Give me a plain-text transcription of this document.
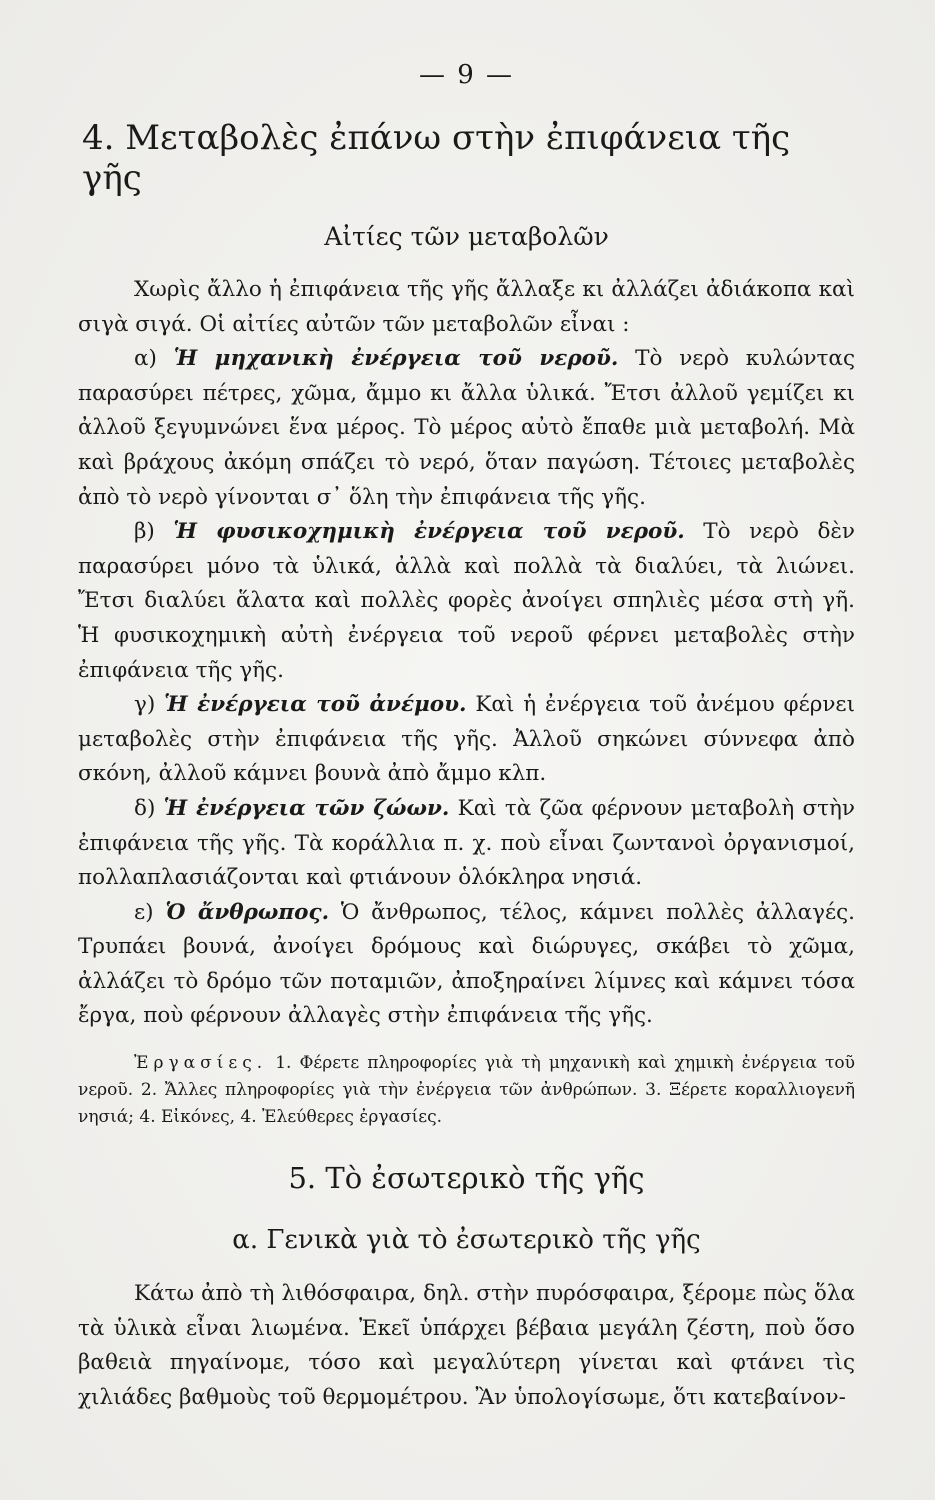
— 9 —
4. Μεταβολὲς ἐπάνω στὴν ἐπιφάνεια τῆς γῆς
Αἰτίες τῶν μεταβολῶν

Χωρὶς ἄλλο ἡ ἐπιφάνεια τῆς γῆς ἄλλαξε κι ἀλλάζει ἀδιάκοπα καὶ σιγὰ σιγά. Οἱ αἰτίες αὐτῶν τῶν μεταβολῶν εἶναι :

α) Ἡ μηχανικὴ ἐνέργεια τοῦ νεροῦ. Τὸ νερὸ κυλώντας παρασύρει πέτρες, χῶμα, ἄμμο κι ἄλλα ὑλικά. Ἔτσι ἀλλοῦ γεμίζει κι ἀλλοῦ ξεγυμνώνει ἕνα μέρος. Τὸ μέρος αὐτὸ ἔπαθε μιὰ μεταβολή. Μὰ καὶ βράχους ἀκόμη σπάζει τὸ νερό, ὅταν παγώση. Τέτοιες μεταβολὲς ἀπὸ τὸ νερὸ γίνονται σ᾿ ὅλη τὴν ἐπιφάνεια τῆς γῆς.

β) Ἡ φυσικοχημικὴ ἐνέργεια τοῦ νεροῦ. Τὸ νερὸ δὲν παρασύρει μόνο τὰ ὑλικά, ἀλλὰ καὶ πολλὰ τὰ διαλύει, τὰ λιώνει. Ἔτσι διαλύει ἅλατα καὶ πολλὲς φορὲς ἀνοίγει σπηλιὲς μέσα στὴ γῆ. Ἡ φυσικοχημικὴ αὐτὴ ἐνέργεια τοῦ νεροῦ φέρνει μεταβολὲς στὴν ἐπιφάνεια τῆς γῆς.

γ) Ἡ ἐνέργεια τοῦ ἀνέμου. Καὶ ἡ ἐνέργεια τοῦ ἀνέμου φέρνει μεταβολὲς στὴν ἐπιφάνεια τῆς γῆς. Ἀλλοῦ σηκώνει σύννεφα ἀπὸ σκόνη, ἀλλοῦ κάμνει βουνὰ ἀπὸ ἄμμο κλπ.

δ) Ἡ ἐνέργεια τῶν ζώων. Καὶ τὰ ζῶα φέρνουν μεταβολὴ στὴν ἐπιφάνεια τῆς γῆς. Τὰ κοράλλια π. χ. ποὺ εἶναι ζωντανοὶ ὀργανισμοί, πολλαπλασιάζονται καὶ φτιάνουν ὁλόκληρα νησιά.

ε) Ὁ ἄνθρωπος. Ὁ ἄνθρωπος, τέλος, κάμνει πολλὲς ἀλλαγές. Τρυπάει βουνά, ἀνοίγει δρόμους καὶ διώρυγες, σκάβει τὸ χῶμα, ἀλλάζει τὸ δρόμο τῶν ποταμιῶν, ἀποξηραίνει λίμνες καὶ κάμνει τόσα ἔργα, ποὺ φέρνουν ἀλλαγὲς στὴν ἐπιφάνεια τῆς γῆς.

Ἐργασίες. 1. Φέρετε πληροφορίες γιὰ τὴ μηχανικὴ καὶ χημικὴ ἐνέργεια τοῦ νεροῦ. 2. Ἄλλες πληροφορίες γιὰ τὴν ἐνέργεια τῶν ἀνθρώπων. 3. Ξέρετε κοραλλιογενῆ νησιά; 4. Εἰκόνες, 4. Ἐλεύθερες ἐργασίες.

5. Τὸ ἐσωτερικὸ τῆς γῆς
α. Γενικὰ γιὰ τὸ ἐσωτερικὸ τῆς γῆς

Κάτω ἀπὸ τὴ λιθόσφαιρα, δηλ. στὴν πυρόσφαιρα, ξέρομε πὼς ὅλα τὰ ὑλικὰ εἶναι λιωμένα. Ἐκεῖ ὑπάρχει βέβαια μεγάλη ζέστη, ποὺ ὅσο βαθειὰ πηγαίνομε, τόσο καὶ μεγαλύτερη γίνεται καὶ φτάνει τὶς χιλιάδες βαθμοὺς τοῦ θερμομέτρου. Ἂν ὑπολογίσωμε, ὅτι κατεβαίνον-
